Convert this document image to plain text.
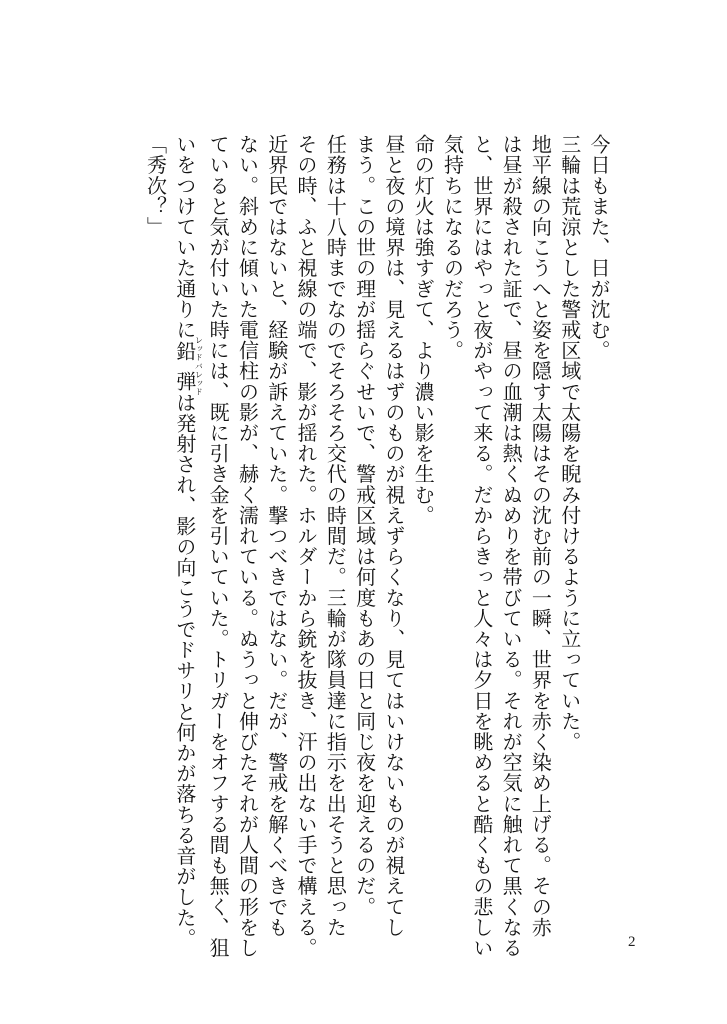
今日もまた、日が沈む。
三輪は荒涼とした警戒区域で太陽を睨み付けるように立っていた。
地平線の向こうへと姿を隠す太陽はその沈む前の一瞬、世界を赤く染め上げる。その赤
は昼が殺された証で、昼の血潮は熱くぬめりを帯びている。それが空気に触れて黒くなる
と、世界にはやっと夜がやって来る。だからきっと人々は夕日を眺めると酷くもの悲しい
気持ちになるのだろう。
命の灯火は強すぎて、より濃い影を生む。
昼と夜の境界は、見えるはずのものが視えずらくなり、見てはいけないものが視えてし
まう。この世の理が揺らぐせいで、警戒区域は何度もあの日と同じ夜を迎えるのだ。
任務は十八時までなのでそろそろ交代の時間だ。三輪が隊員達に指示を出そうと思った
その時、ふと視線の端で、影が揺れた。ホルダーから銃を抜き、汗の出ない手で構える。
近界民ではないと、経験が訴えていた。撃つべきではない。だが、警戒を解くべきでも
ない。斜めに傾いた電信柱の影が、赫く濡れている。ぬうっと伸びたそれが人間の形をし
ていると気が付いた時には、既に引き金を引いていた。トリガーをオフする間も無く、狙
いをつけていた通りに鉛弾レッドバレッドは発射され、影の向こうでドサリと何かが落ちる音がした。
「秀次？」
2
